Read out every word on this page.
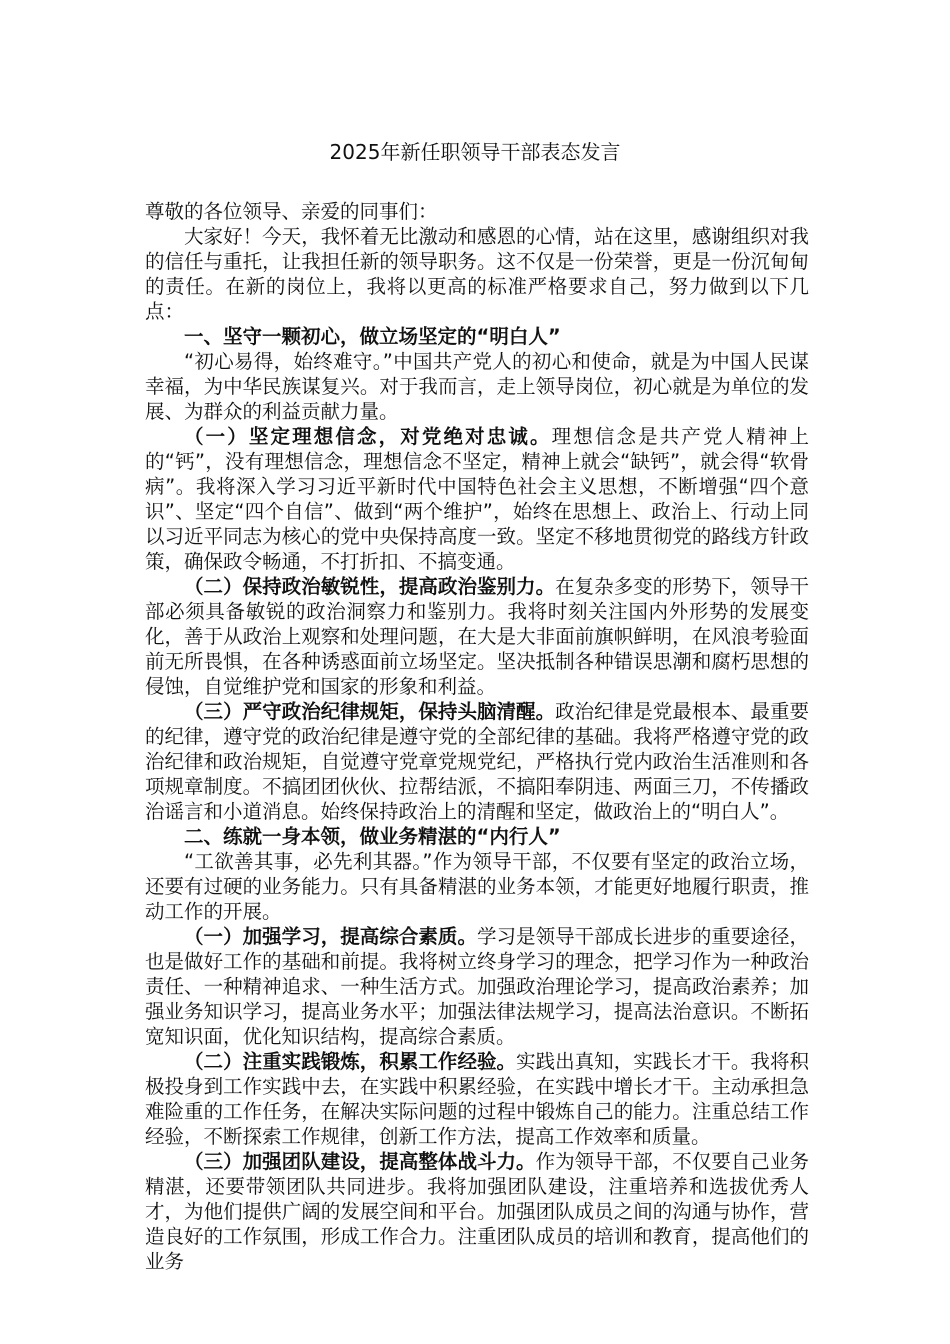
2025年新任职领导干部表态发言

尊敬的各位领导、亲爱的同事们：

大家好！今天，我怀着无比激动和感恩的心情，站在这里，感谢组织对我的信任与重托，让我担任新的领导职务。这不仅是一份荣誉，更是一份沉甸甸的责任。在新的岗位上，我将以更高的标准严格要求自己，努力做到以下几点：

一、坚守一颗初心，做立场坚定的“明白人”

“初心易得，始终难守。”中国共产党人的初心和使命，就是为中国人民谋幸福，为中华民族谋复兴。对于我而言，走上领导岗位，初心就是为单位的发展、为群众的利益贡献力量。

（一）坚定理想信念，对党绝对忠诚。理想信念是共产党人精神上的“钙”，没有理想信念，理想信念不坚定，精神上就会“缺钙”，就会得“软骨病”。我将深入学习习近平新时代中国特色社会主义思想，不断增强“四个意识”、坚定“四个自信”、做到“两个维护”，始终在思想上、政治上、行动上同以习近平同志为核心的党中央保持高度一致。坚定不移地贯彻党的路线方针政策，确保政令畅通，不打折扣、不搞变通。

（二）保持政治敏锐性，提高政治鉴别力。在复杂多变的形势下，领导干部必须具备敏锐的政治洞察力和鉴别力。我将时刻关注国内外形势的发展变化，善于从政治上观察和处理问题，在大是大非面前旗帜鲜明，在风浪考验面前无所畏惧，在各种诱惑面前立场坚定。坚决抵制各种错误思潮和腐朽思想的侵蚀，自觉维护党和国家的形象和利益。

（三）严守政治纪律规矩，保持头脑清醒。政治纪律是党最根本、最重要的纪律，遵守党的政治纪律是遵守党的全部纪律的基础。我将严格遵守党的政治纪律和政治规矩，自觉遵守党章党规党纪，严格执行党内政治生活准则和各项规章制度。不搞团团伙伙、拉帮结派，不搞阳奉阴违、两面三刀，不传播政治谣言和小道消息。始终保持政治上的清醒和坚定，做政治上的“明白人”。

二、练就一身本领，做业务精湛的“内行人”

“工欲善其事，必先利其器。”作为领导干部，不仅要有坚定的政治立场，还要有过硬的业务能力。只有具备精湛的业务本领，才能更好地履行职责，推动工作的开展。

（一）加强学习，提高综合素质。学习是领导干部成长进步的重要途径，也是做好工作的基础和前提。我将树立终身学习的理念，把学习作为一种政治责任、一种精神追求、一种生活方式。加强政治理论学习，提高政治素养；加强业务知识学习，提高业务水平；加强法律法规学习，提高法治意识。不断拓宽知识面，优化知识结构，提高综合素质。

（二）注重实践锻炼，积累工作经验。实践出真知，实践长才干。我将积极投身到工作实践中去，在实践中积累经验，在实践中增长才干。主动承担急难险重的工作任务，在解决实际问题的过程中锻炼自己的能力。注重总结工作经验，不断探索工作规律，创新工作方法，提高工作效率和质量。

（三）加强团队建设，提高整体战斗力。作为领导干部，不仅要自己业务精湛，还要带领团队共同进步。我将加强团队建设，注重培养和选拔优秀人才，为他们提供广阔的发展空间和平台。加强团队成员之间的沟通与协作，营造良好的工作氛围，形成工作合力。注重团队成员的培训和教育，提高他们的业务
